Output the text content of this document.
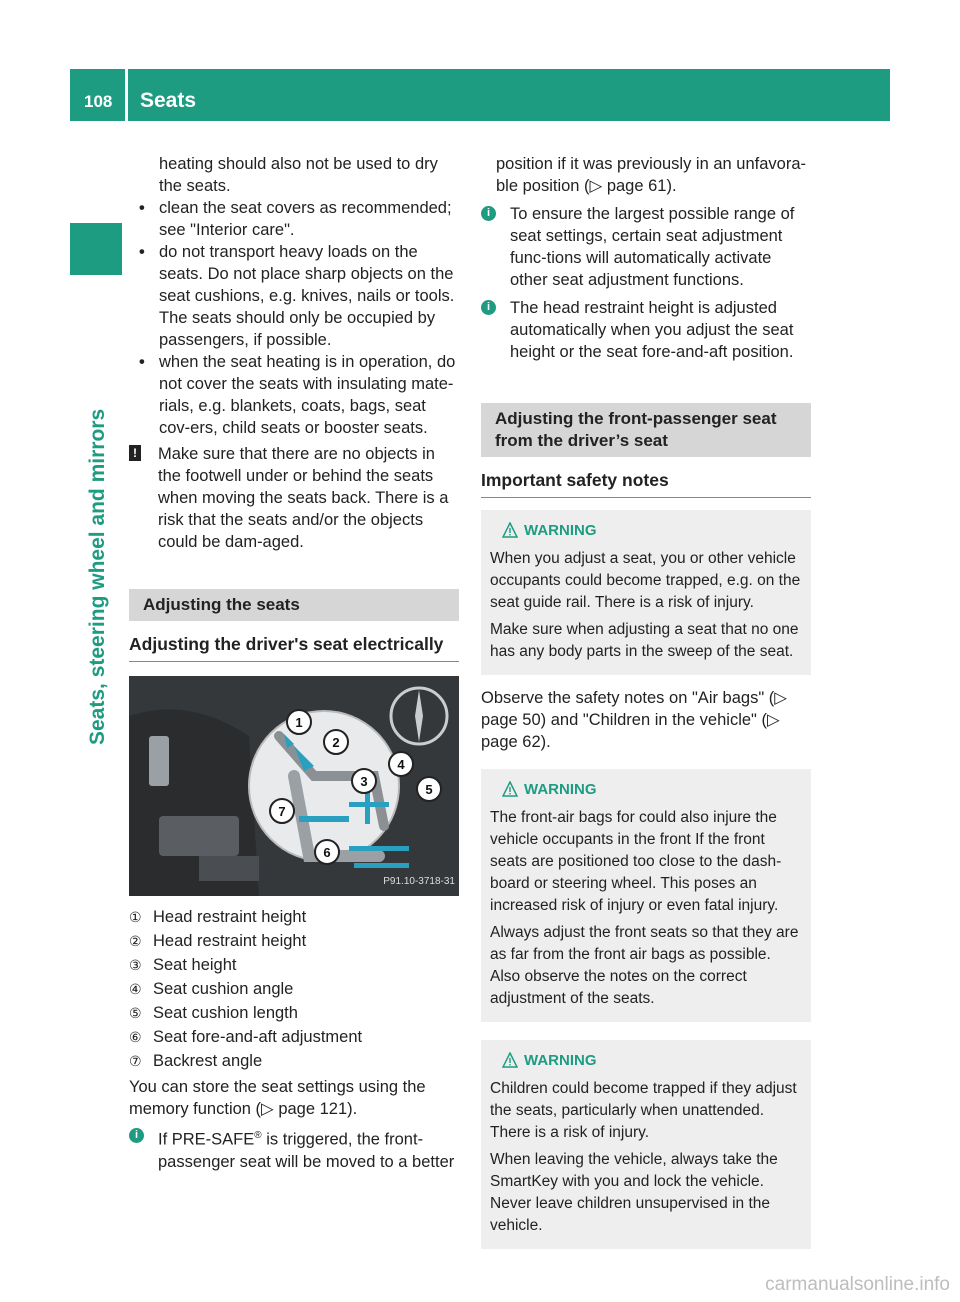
108 Seats
Seats, steering wheel and mirrors

heating should also not be used to dry the seats.

• clean the seat covers as recommended; see "Interior care".
• do not transport heavy loads on the seats. Do not place sharp objects on the seat cushions, e.g. knives, nails or tools. The seats should only be occupied by passengers, if possible.
• when the seat heating is in operation, do not cover the seats with insulating mate-rials, e.g. blankets, coats, bags, seat cov-ers, child seats or booster seats.
!	Make sure that there are no objects in the footwell under or behind the seats when moving the seats back. There is a risk that the seats and/or the objects could be dam-aged.
Adjusting the seats
Adjusting the driver's seat electrically
1
2
3
4
5
6
7
P91.10-3718-31
① Head restraint height
② Head restraint height
③ Seat height
④ Seat cushion angle
⑤ Seat cushion length
⑥ Seat fore-and-aft adjustment
⑦ Backrest angle

You can store the seat settings using the memory function (▷ page 121).

i	If PRE-SAFE® is triggered, the front-passenger seat will be moved to a better

position if it was previously in an unfavora-ble position (▷ page 61).

i	To ensure the largest possible range of seat settings, certain seat adjustment func-tions will automatically activate other seat adjustment functions.
i	The head restraint height is adjusted automatically when you adjust the seat height or the seat fore-and-aft position.
Adjusting the front-passenger seat from the driver’s seat
Important safety notes
WARNING

When you adjust a seat, you or other vehicle occupants could become trapped, e.g. on the seat guide rail. There is a risk of injury.

Make sure when adjusting a seat that no one has any body parts in the sweep of the seat.

Observe the safety notes on "Air bags" (▷ page 50) and "Children in the vehicle" (▷ page 62).

WARNING

The front-air bags for could also injure the vehicle occupants in the front If the front seats are positioned too close to the dash-board or steering wheel. This poses an increased risk of injury or even fatal injury.

Always adjust the front seats so that they are as far from the front air bags as possible. Also observe the notes on the correct adjustment of the seats.

WARNING

Children could become trapped if they adjust the seats, particularly when unattended. There is a risk of injury.

When leaving the vehicle, always take the SmartKey with you and lock the vehicle. Never leave children unsupervised in the vehicle.

carmanualsonline.info
